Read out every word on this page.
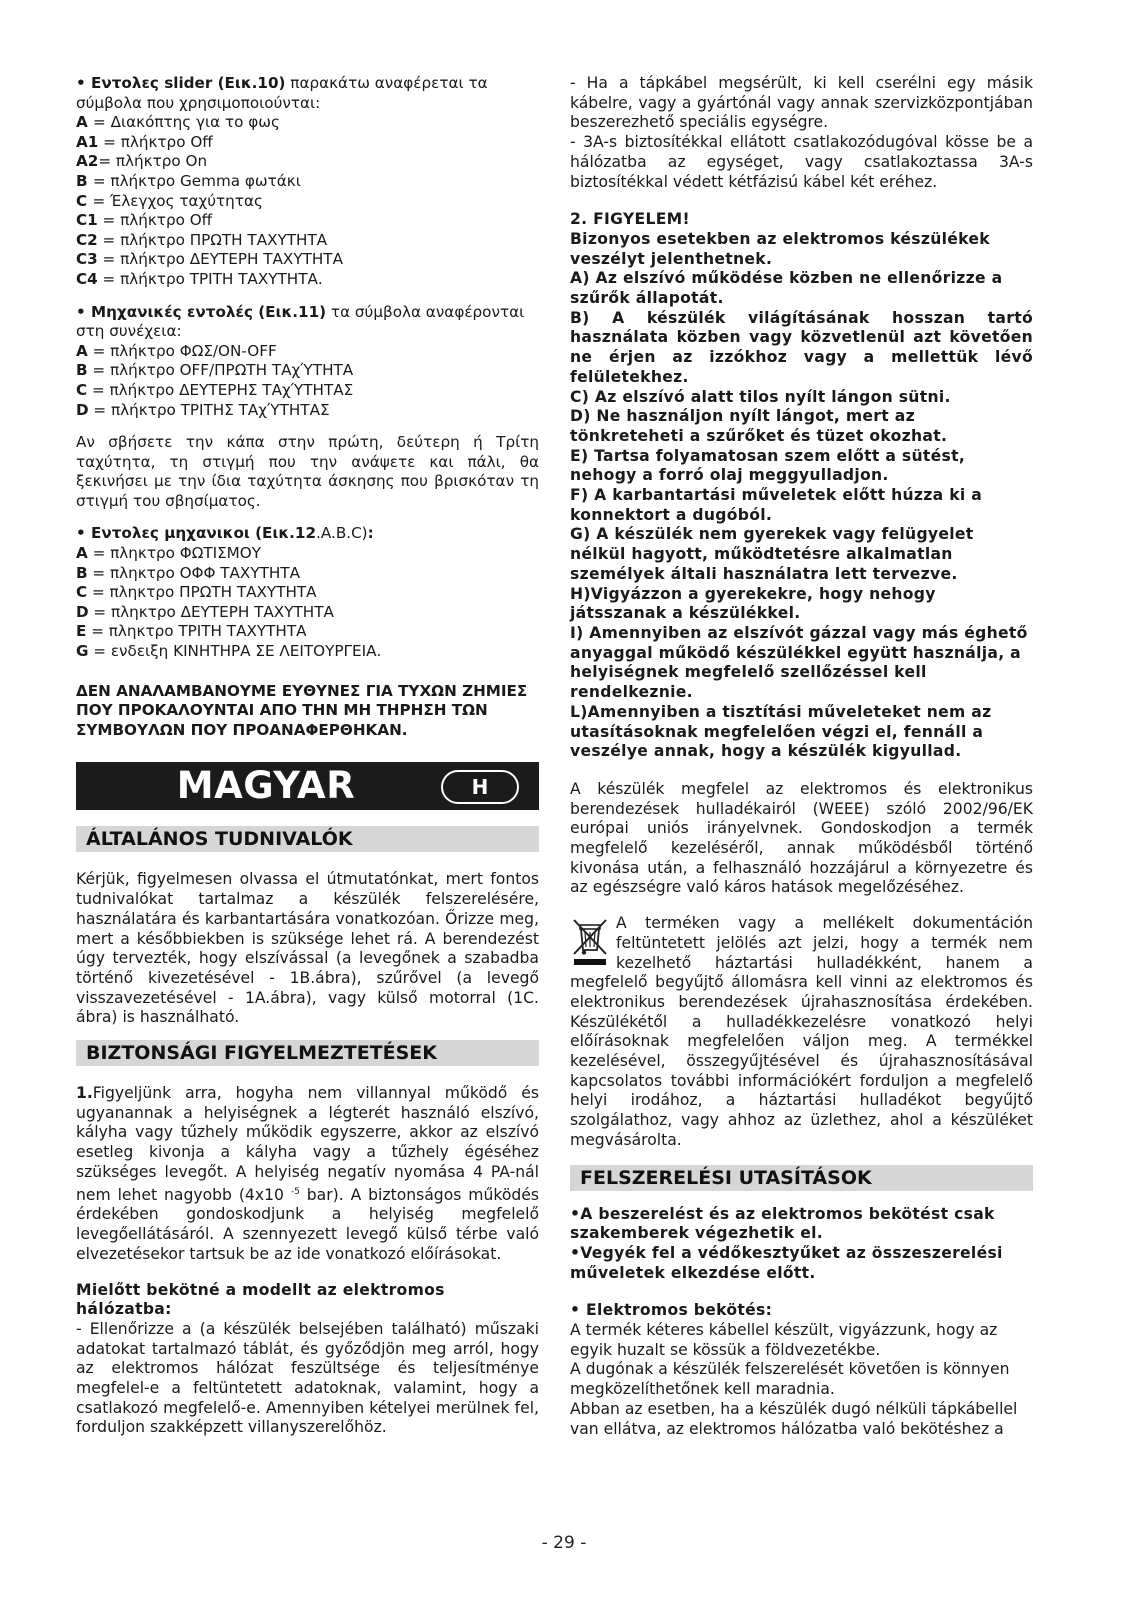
• Εντολες slider (Εικ.10) παρακάτω αναφέρεται τα σύμβολα που χρησιμοποιούνται:

A = Διακόπτης για το φως

A1 = πλήκτρο Off

A2= πλήκτρο On

B = πλήκτρο Gemma φωτάκι

C = Έλεγχος ταχύτητας

C1 = πλήκτρο Off

C2 = πλήκτρο ΠΡΩΤΗ ΤΑΧΥΤΗΤΑ

C3 = πλήκτρο ΔΕΥΤΕΡΗ ΤΑΧΥΤΗΤΑ

C4 = πλήκτρο ΤΡΙΤΗ ΤΑΧΥΤΗΤΑ.

• Μηχανικές εντολές (Εικ.11) τα σύμβολα αναφέρονται στη συνέχεια:

A = πλήκτρο ΦΩΣ/ON-OFF

B = πλήκτρο OFF/ΠΡΩΤΗ ΤΑχΎΤΗΤΑ

C = πλήκτρο ΔΕΥΤΕΡΗΣ ΤΑχΎΤΗΤΑΣ

D = πλήκτρο ΤΡΙΤΗΣ ΤΑχΎΤΗΤΑΣ

Αν σβήσετε την κάπα στην πρώτη, δεύτερη ή Τρίτη ταχύτητα, τη στιγμή που την ανάψετε και πάλι, θα ξεκινήσει με την ίδια ταχύτητα άσκησης που βρισκόταν τη στιγμή του σβησίματος.

• Εντολες μηχανικοι (Εικ.12.A.B.C):

A = πληκτρο ΦΩΤΙΣΜΟΥ

B = πληκτρο ΟΦΦ ΤΑΧΥΤΗΤΑ

C = πληκτρο ΠΡΩΤΗ ΤΑΧΥΤΗΤΑ

D = πληκτρο ΔΕΥΤΕΡΗ ΤΑΧΥΤΗΤΑ

E = πληκτρο ΤΡΙΤΗ ΤΑΧΥΤΗΤΑ

G = ενδειξη ΚΙΝΗΤΗΡΑ ΣΕ ΛΕΙΤΟΥΡΓΕΙΑ.

ΔΕΝ ΑΝΑΛΑΜΒΑΝΟΥΜΕ ΕΥΘΥΝΕΣ ΓΙΑ ΤΥΧΩΝ ΖΗΜΙΕΣ ΠΟΥ ΠΡΟΚΑΛΟΥΝΤΑΙ ΑΠΟ ΤΗΝ ΜΗ ΤΗΡΗΣΗ ΤΩΝ ΣΥΜΒΟΥΛΩΝ ΠΟΥ ΠΡΟΑΝΑΦΕΡΘΗΚΑΝ.
MAGYAR	H
ÁLTALÁNOS TUDNIVALÓK
Kérjük, figyelmesen olvassa el útmutatónkat, mert fontos tudnivalókat tartalmaz a készülék felszerelésére, használatára és karbantartására vonatkozóan. Őrizze meg, mert a későbbiekben is szüksége lehet rá. A berendezést úgy tervezték, hogy elszívással (a levegőnek a szabadba történő kivezetésével - 1B.ábra), szűrővel (a levegő visszavezetésével - 1A.ábra), vagy külső motorral (1C. ábra) is használható.
BIZTONSÁGI FIGYELMEZTETÉSEK
1.Figyeljünk arra, hogyha nem villannyal működő és ugyanannak a helyiségnek a légterét használó elszívó, kályha vagy tűzhely működik egyszerre, akkor az elszívó esetleg kivonja a kályha vagy a tűzhely égéséhez szükséges levegőt. A helyiség negatív nyomása 4 PA-nál nem lehet nagyobb (4x10 $^{-5}$ bar). A biztonságos működés érdekében gondoskodjunk a helyiség megfelelő levegőellátásáról. A szennyezett levegő külső térbe való elvezetésekor tartsuk be az ide vonatkozó előírásokat.
Mielőtt bekötné a modellt az elektromos hálózatba:
- Ellenőrizze a (a készülék belsejében található) műszaki adatokat tartalmazó táblát, és győződjön meg arról, hogy az elektromos hálózat feszültsége és teljesítménye megfelel-e a feltüntetett adatoknak, valamint, hogy a csatlakozó megfelelő-e. Amennyiben kételyei merülnek fel, forduljon szakképzett villanyszerelőhöz.
- Ha a tápkábel megsérült, ki kell cserélni egy másik kábelre, vagy a gyártónál vagy annak szervizközpontjában beszerezhető speciális egységre.
- 3A-s biztosítékkal ellátott csatlakozódugóval kösse be a hálózatba az egységet, vagy csatlakoztassa 3A-s biztosítékkal védett kétfázisú kábel két eréhez.
2. FIGYELEM!
Bizonyos esetekben az elektromos készülékek veszélyt jelenthetnek.
A) Az elszívó működése közben ne ellenőrizze a szűrők állapotát.
B) A készülék világításának hosszan tartó használata közben vagy közvetlenül azt követően ne érjen az izzókhoz vagy a mellettük lévő felületekhez.
C) Az elszívó alatt tilos nyílt lángon sütni.
D) Ne használjon nyílt lángot, mert az tönkreteheti a szűrőket és tüzet okozhat.
E) Tartsa folyamatosan szem előtt a sütést, nehogy a forró olaj meggyulladjon.
F) A karbantartási műveletek előtt húzza ki a konnektort a dugóból.
G) A készülék nem gyerekek vagy felügyelet nélkül hagyott, működtetésre alkalmatlan személyek általi használatra lett tervezve.
H)Vigyázzon a gyerekekre, hogy nehogy játsszanak a készülékkel.
I) Amennyiben az elszívót gázzal vagy más éghető anyaggal működő készülékkel együtt használja, a helyiségnek megfelelő szellőzéssel kell rendelkeznie.
L)Amennyiben a tisztítási műveleteket nem az utasításoknak megfelelően végzi el, fennáll a veszélye annak, hogy a készülék kigyullad.
A készülék megfelel az elektromos és elektronikus berendezések hulladékairól (WEEE) szóló 2002/96/EK európai uniós irányelvnek. Gondoskodjon a termék megfelelő kezeléséről, annak működésből történő kivonása után, a felhasználó hozzájárul a környezetre és az egészségre való káros hatások megelőzéséhez.
A terméken vagy a mellékelt dokumentáción feltüntetett jelölés azt jelzi, hogy a termék nem kezelhető háztartási hulladékként, hanem a megfelelő begyűjtő állomásra kell vinni az elektromos és elektronikus berendezések újrahasznosítása érdekében. Készülékétől a hulladékkezelésre vonatkozó helyi előírásoknak megfelelően váljon meg. A termékkel kezelésével, összegyűjtésével és újrahasznosításával kapcsolatos további információkért forduljon a megfelelő helyi irodához, a háztartási hulladékot begyűjtő szolgálathoz, vagy ahhoz az üzlethez, ahol a készüléket megvásárolta.
FELSZERELÉSI UTASÍTÁSOK
•A beszerelést és az elektromos bekötést csak szakemberek végezhetik el.
•Vegyék fel a védőkesztyűket az összeszerelési műveletek elkezdése előtt.
• Elektromos bekötés:
A termék kéteres kábellel készült, vigyázzunk, hogy az egyik huzalt se kössük a földvezetékbe.
A dugónak a készülék felszerelését követően is könnyen megközelíthetőnek kell maradnia.
Abban az esetben, ha a készülék dugó nélküli tápkábellel van ellátva, az elektromos hálózatba való bekötéshez a
- 29 -
